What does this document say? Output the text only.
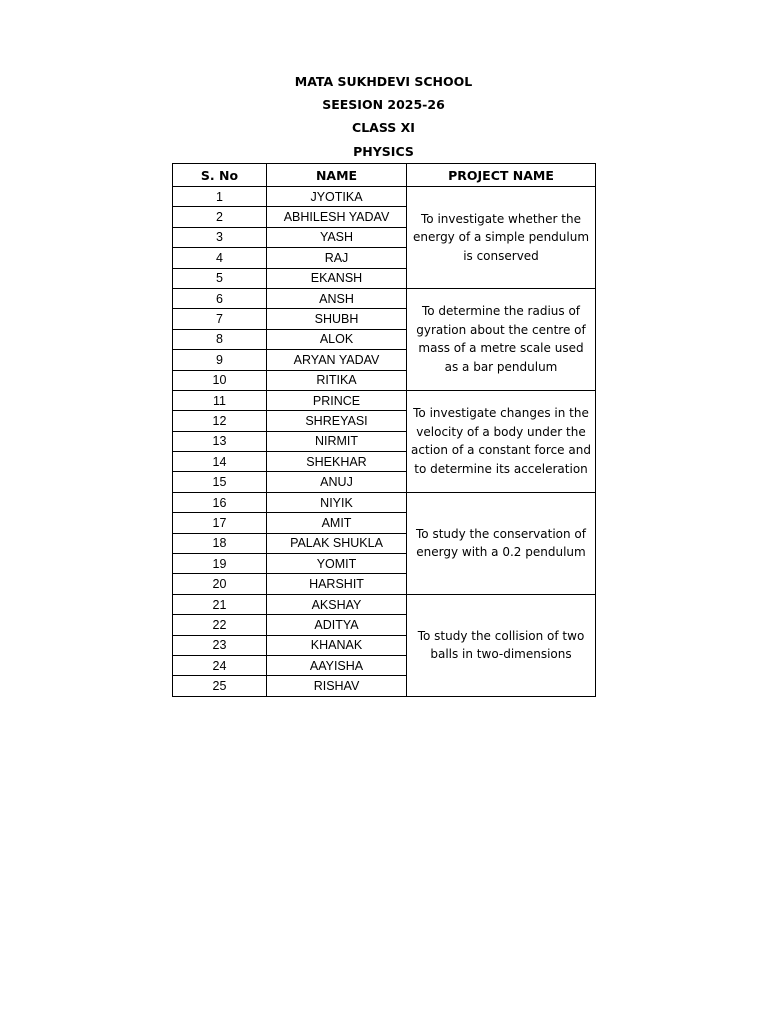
MATA SUKHDEVI SCHOOL
SEESION 2025-26
CLASS XI
PHYSICS
S. No	NAME	PROJECT NAME
1	JYOTIKA	To investigate whether the energy of a simple pendulum is conserved
2	ABHILESH YADAV	
3	YASH	
4	RAJ	
5	EKANSH	
6	ANSH	To determine the radius of gyration about the centre of mass of a metre scale used as a bar pendulum
7	SHUBH	
8	ALOK	
9	ARYAN YADAV	
10	RITIKA	
11	PRINCE	To investigate changes in the velocity of a body under the action of a constant force and to determine its acceleration
12	SHREYASI	
13	NIRMIT	
14	SHEKHAR	
15	ANUJ	
16	NIYIK	To study the conservation of energy with a 0.2 pendulum
17	AMIT	
18	PALAK SHUKLA	
19	YOMIT	
20	HARSHIT	
21	AKSHAY	To study the collision of two balls in two-dimensions
22	ADITYA	
23	KHANAK	
24	AAYISHA	
25	RISHAV	
